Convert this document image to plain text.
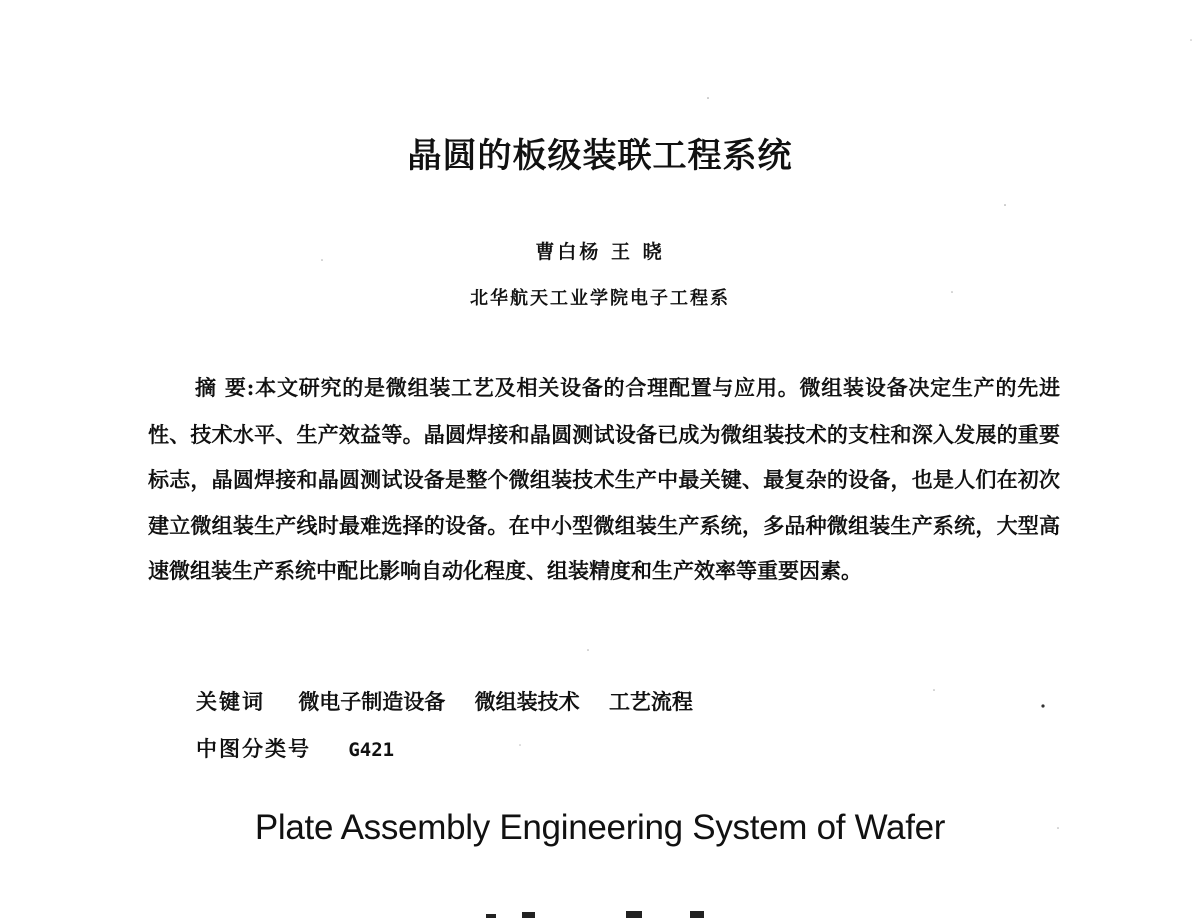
晶圆的板级装联工程系统
曹白杨 王 晓
北华航天工业学院电子工程系

摘 要:本文研究的是微组装工艺及相关设备的合理配置与应用。微组装设备决定生产的先进性、技术水平、生产效益等。晶圆焊接和晶圆测试设备已成为微组装技术的支柱和深入发展的重要标志，晶圆焊接和晶圆测试设备是整个微组装技术生产中最关键、最复杂的设备，也是人们在初次建立微组装生产线时最难选择的设备。在中小型微组装生产系统，多品种微组装生产系统，大型高速微组装生产系统中配比影响自动化程度、组装精度和生产效率等重要因素。

关键词 微电子制造设备 微组装技术 工艺流程
中图分类号 G421
Plate Assembly Engineering System of Wafer
